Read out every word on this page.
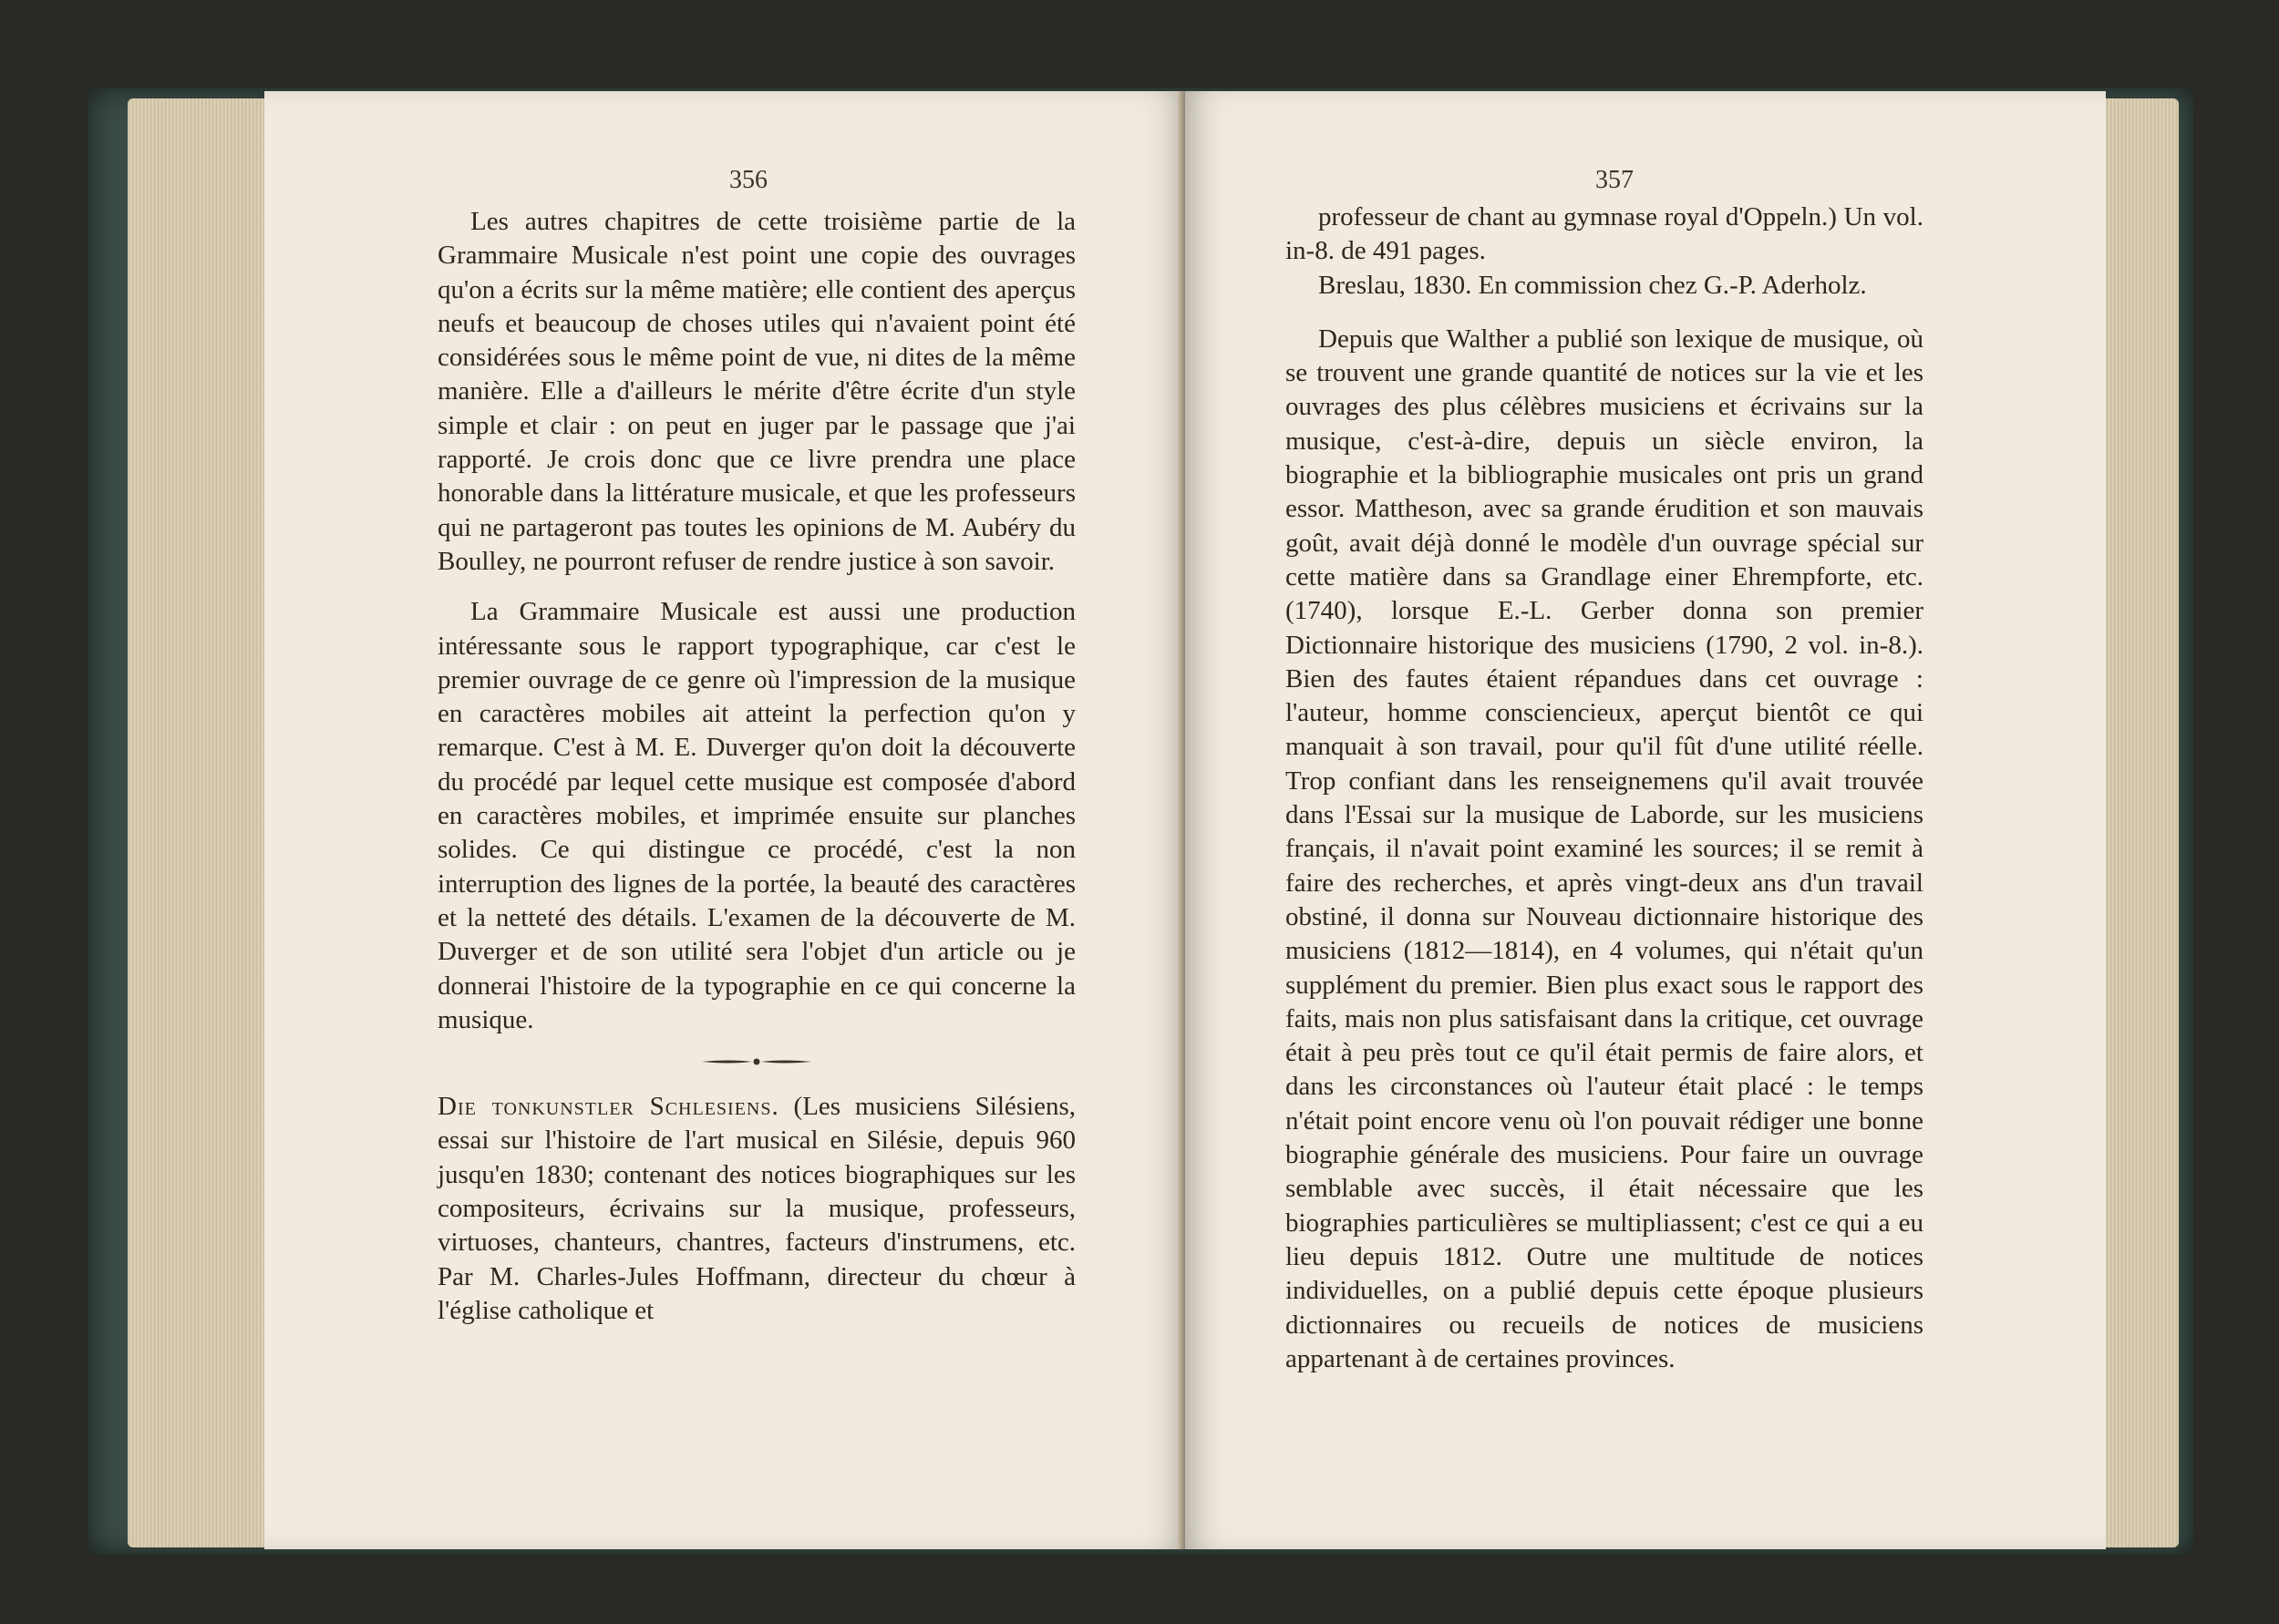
356

Les autres chapitres de cette troisième partie de la Grammaire Musicale n'est point une copie des ouvrages qu'on a écrits sur la même matière; elle contient des aperçus neufs et beaucoup de choses utiles qui n'avaient point été considérées sous le même point de vue, ni dites de la même manière. Elle a d'ailleurs le mérite d'être écrite d'un style simple et clair : on peut en juger par le passage que j'ai rapporté. Je crois donc que ce livre prendra une place honorable dans la littérature musicale, et que les professeurs qui ne partageront pas toutes les opinions de M. Aubéry du Boulley, ne pourront refuser de rendre justice à son savoir.

La Grammaire Musicale est aussi une production intéressante sous le rapport typographique, car c'est le premier ouvrage de ce genre où l'impression de la musique en caractères mobiles ait atteint la perfection qu'on y remarque. C'est à M. E. Duverger qu'on doit la découverte du procédé par lequel cette musique est composée d'abord en caractères mobiles, et imprimée ensuite sur planches solides. Ce qui distingue ce procédé, c'est la non interruption des lignes de la portée, la beauté des caractères et la netteté des détails. L'examen de la découverte de M. Duverger et de son utilité sera l'objet d'un article ou je donnerai l'histoire de la typographie en ce qui concerne la musique.

Die tonkunstler Schlesiens. (Les musiciens Silésiens, essai sur l'histoire de l'art musical en Silésie, depuis 960 jusqu'en 1830; contenant des notices biographiques sur les compositeurs, écrivains sur la musique, professeurs, virtuoses, chanteurs, chantres, facteurs d'instrumens, etc. Par M. Charles-Jules Hoffmann, directeur du chœur à l'église catholique et

357

professeur de chant au gymnase royal d'Oppeln.) Un vol. in-8. de 491 pages.

Breslau, 1830. En commission chez G.-P. Aderholz.

Depuis que Walther a publié son lexique de musique, où se trouvent une grande quantité de notices sur la vie et les ouvrages des plus célèbres musiciens et écrivains sur la musique, c'est-à-dire, depuis un siècle environ, la biographie et la bibliographie musicales ont pris un grand essor. Mattheson, avec sa grande érudition et son mauvais goût, avait déjà donné le modèle d'un ouvrage spécial sur cette matière dans sa Grandlage einer Ehrempforte, etc. (1740), lorsque E.-L. Gerber donna son premier Dictionnaire historique des musiciens (1790, 2 vol. in-8.). Bien des fautes étaient répandues dans cet ouvrage : l'auteur, homme consciencieux, aperçut bientôt ce qui manquait à son travail, pour qu'il fût d'une utilité réelle. Trop confiant dans les renseignemens qu'il avait trouvée dans l'Essai sur la musique de Laborde, sur les musiciens français, il n'avait point examiné les sources; il se remit à faire des recherches, et après vingt-deux ans d'un travail obstiné, il donna sur Nouveau dictionnaire historique des musiciens (1812—1814), en 4 volumes, qui n'était qu'un supplément du premier. Bien plus exact sous le rapport des faits, mais non plus satisfaisant dans la critique, cet ouvrage était à peu près tout ce qu'il était permis de faire alors, et dans les circonstances où l'auteur était placé : le temps n'était point encore venu où l'on pouvait rédiger une bonne biographie générale des musiciens. Pour faire un ouvrage semblable avec succès, il était nécessaire que les biographies particulières se multipliassent; c'est ce qui a eu lieu depuis 1812. Outre une multitude de notices individuelles, on a publié depuis cette époque plusieurs dictionnaires ou recueils de notices de musiciens appartenant à de certaines provinces.
